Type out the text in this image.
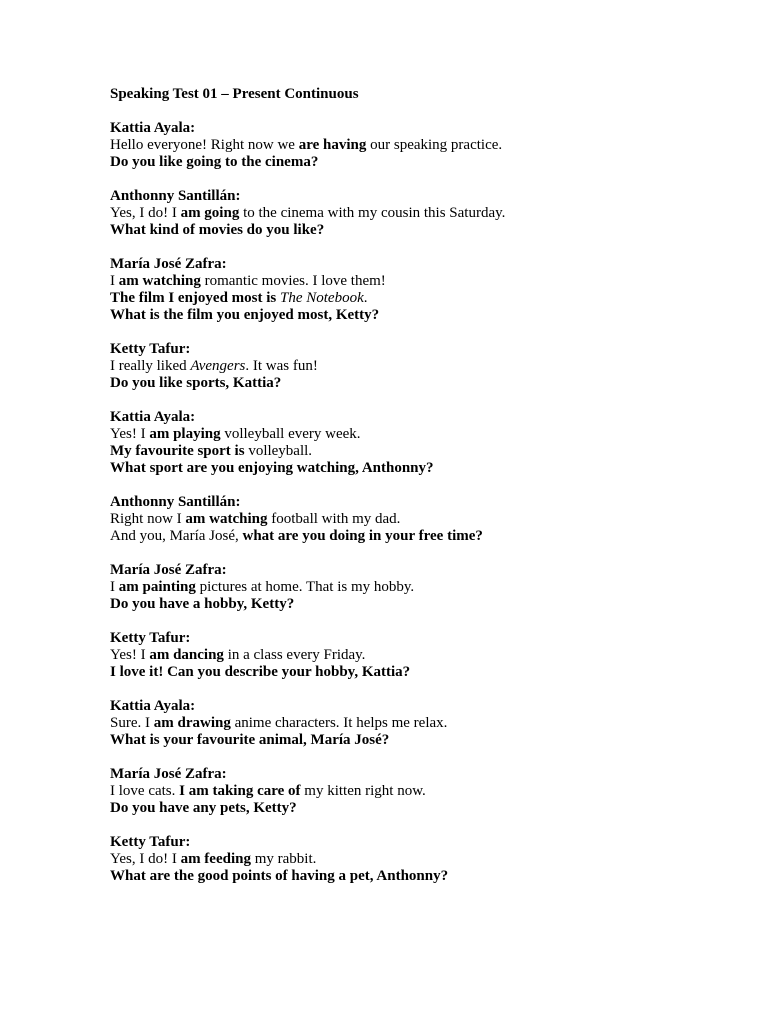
Speaking Test 01 – Present Continuous
Kattia Ayala:
Hello everyone! Right now we are having our speaking practice.
Do you like going to the cinema?
Anthonny Santillán:
Yes, I do! I am going to the cinema with my cousin this Saturday.
What kind of movies do you like?
María José Zafra:
I am watching romantic movies. I love them!
The film I enjoyed most is The Notebook.
What is the film you enjoyed most, Ketty?
Ketty Tafur:
I really liked Avengers. It was fun!
Do you like sports, Kattia?
Kattia Ayala:
Yes! I am playing volleyball every week.
My favourite sport is volleyball.
What sport are you enjoying watching, Anthonny?
Anthonny Santillán:
Right now I am watching football with my dad.
And you, María José, what are you doing in your free time?
María José Zafra:
I am painting pictures at home. That is my hobby.
Do you have a hobby, Ketty?
Ketty Tafur:
Yes! I am dancing in a class every Friday.
I love it! Can you describe your hobby, Kattia?
Kattia Ayala:
Sure. I am drawing anime characters. It helps me relax.
What is your favourite animal, María José?
María José Zafra:
I love cats. I am taking care of my kitten right now.
Do you have any pets, Ketty?
Ketty Tafur:
Yes, I do! I am feeding my rabbit.
What are the good points of having a pet, Anthonny?
